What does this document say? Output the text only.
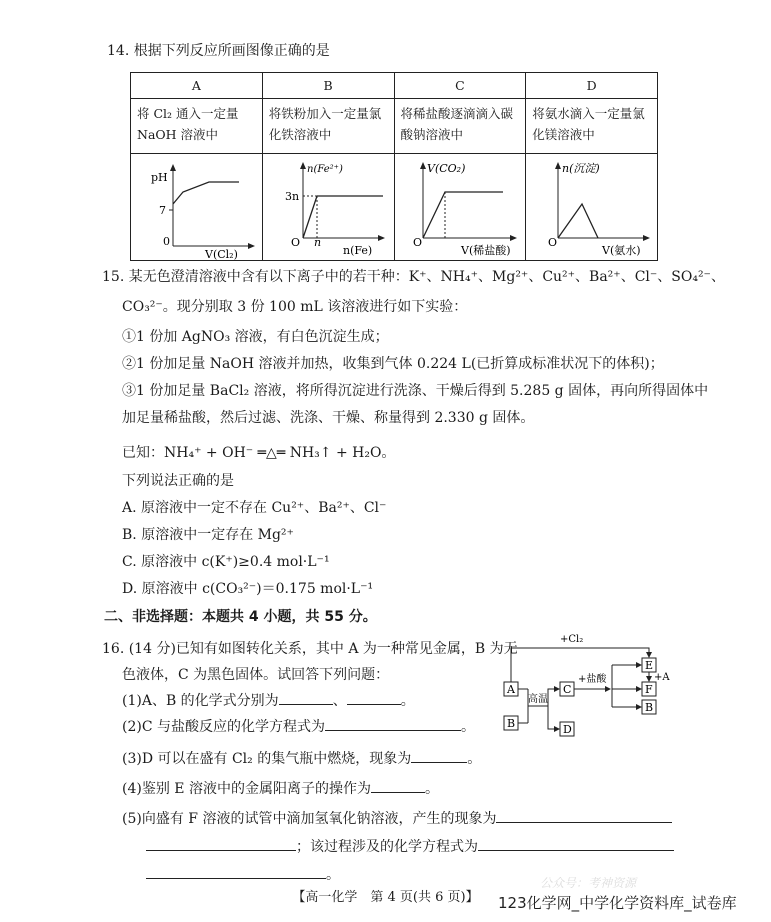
14. 根据下列反应所画图像正确的是
A	B	C	D
将 Cl₂ 通入一定量 NaOH 溶液中	将铁粉加入一定量氯化铁溶液中	将稀盐酸逐滴滴入碳酸钠溶液中	将氨水滴入一定量氯化镁溶液中

pH
7
0
V(Cl₂)	n(Fe²⁺)
3n
O n
n(Fe)	V(CO₂)
O
V(稀盐酸)	n(沉淀)
O
V(氨水)
15. 某无色澄清溶液中含有以下离子中的若干种：K⁺、NH₄⁺、Mg²⁺、Cu²⁺、Ba²⁺、Cl⁻、SO₄²⁻、
CO₃²⁻。现分别取 3 份 100 mL 该溶液进行如下实验：
①1 份加 AgNO₃ 溶液，有白色沉淀生成；
②1 份加足量 NaOH 溶液并加热，收集到气体 0.224 L(已折算成标准状况下的体积)；
③1 份加足量 BaCl₂ 溶液，将所得沉淀进行洗涤、干燥后得到 5.285 g 固体，再向所得固体中
加足量稀盐酸，然后过滤、洗涤、干燥、称量得到 2.330 g 固体。
已知：NH₄⁺ + OH⁻ ═△═ NH₃↑ + H₂O。
下列说法正确的是
A. 原溶液中一定不存在 Cu²⁺、Ba²⁺、Cl⁻
B. 原溶液中一定存在 Mg²⁺
C. 原溶液中 c(K⁺)≥0.4 mol·L⁻¹
D. 原溶液中 c(CO₃²⁻)＝0.175 mol·L⁻¹
二、非选择题：本题共 4 小题，共 55 分。
16. (14 分)已知有如图转化关系，其中 A 为一种常见金属，B 为无
色液体，C 为黑色固体。试回答下列问题：
(1)A、B 的化学式分别为	、	。
(2)C 与盐酸反应的化学方程式为	。
(3)D 可以在盛有 Cl₂ 的集气瓶中燃烧，现象为	。
(4)鉴别 E 溶液中的金属阳离子的操作为	。
(5)向盛有 F 溶液的试管中滴加氢氧化钠溶液，产生的现象为
；该过程涉及的化学方程式为
。
A
B
C
D
E
F
B
+Cl₂
高温
+盐酸	+A
【高一化学　第 4 页(共 6 页)】
公众号：考神资源
123化学网_中学化学资料库_试卷库
